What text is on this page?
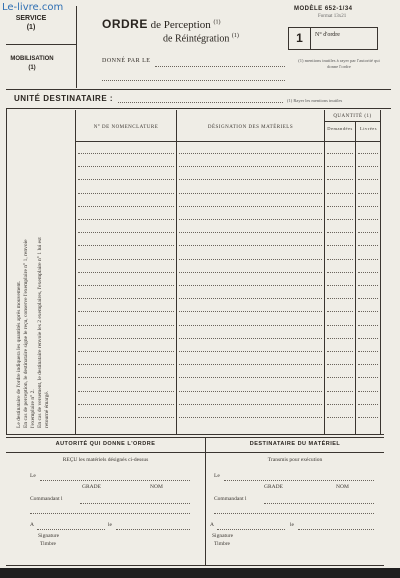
Le-livre.com
SERVICE
(1)
MOBILISATION
(1)
ORDRE de Perception $^{(1)}$
de Réintégration $^{(1)}$
DONNÉ PAR LE
MODÈLE 652-1/34
Format 13x21
1	N° d'ordre
(1) mentions inutiles à rayer par l'autorité qui donne l'ordre
UNITÉ DESTINATAIRE :	(1) Rayer les mentions inutiles
N° DE NOMENCLATURE	DÉSIGNATION DES MATÉRIELS
QUANTITÉ (1)
Demandées	Livrées
Le destinataire de l'ordre indiquera les quantités après mouvement. En cas de perception, le destinataire signe le reçu, conserve l'exemplaire n° 1, renvoie l'exemplaire n° 2. En cas de versement, le destinataire renvoie les 2 exemplaires, l'exemplaire n° 1 lui est retourné émargé.
AUTORITÉ QUI DONNE L'ORDRE	DESTINATAIRE DU MATÉRIEL
REÇU les matériels désignés ci-dessus	Transmis pour exécution
Le
GRADE	NOM
Commandant l
A	le
Signature
Timbre
Le
GRADE	NOM
Commandant l
A	le
Signature
Timbre
